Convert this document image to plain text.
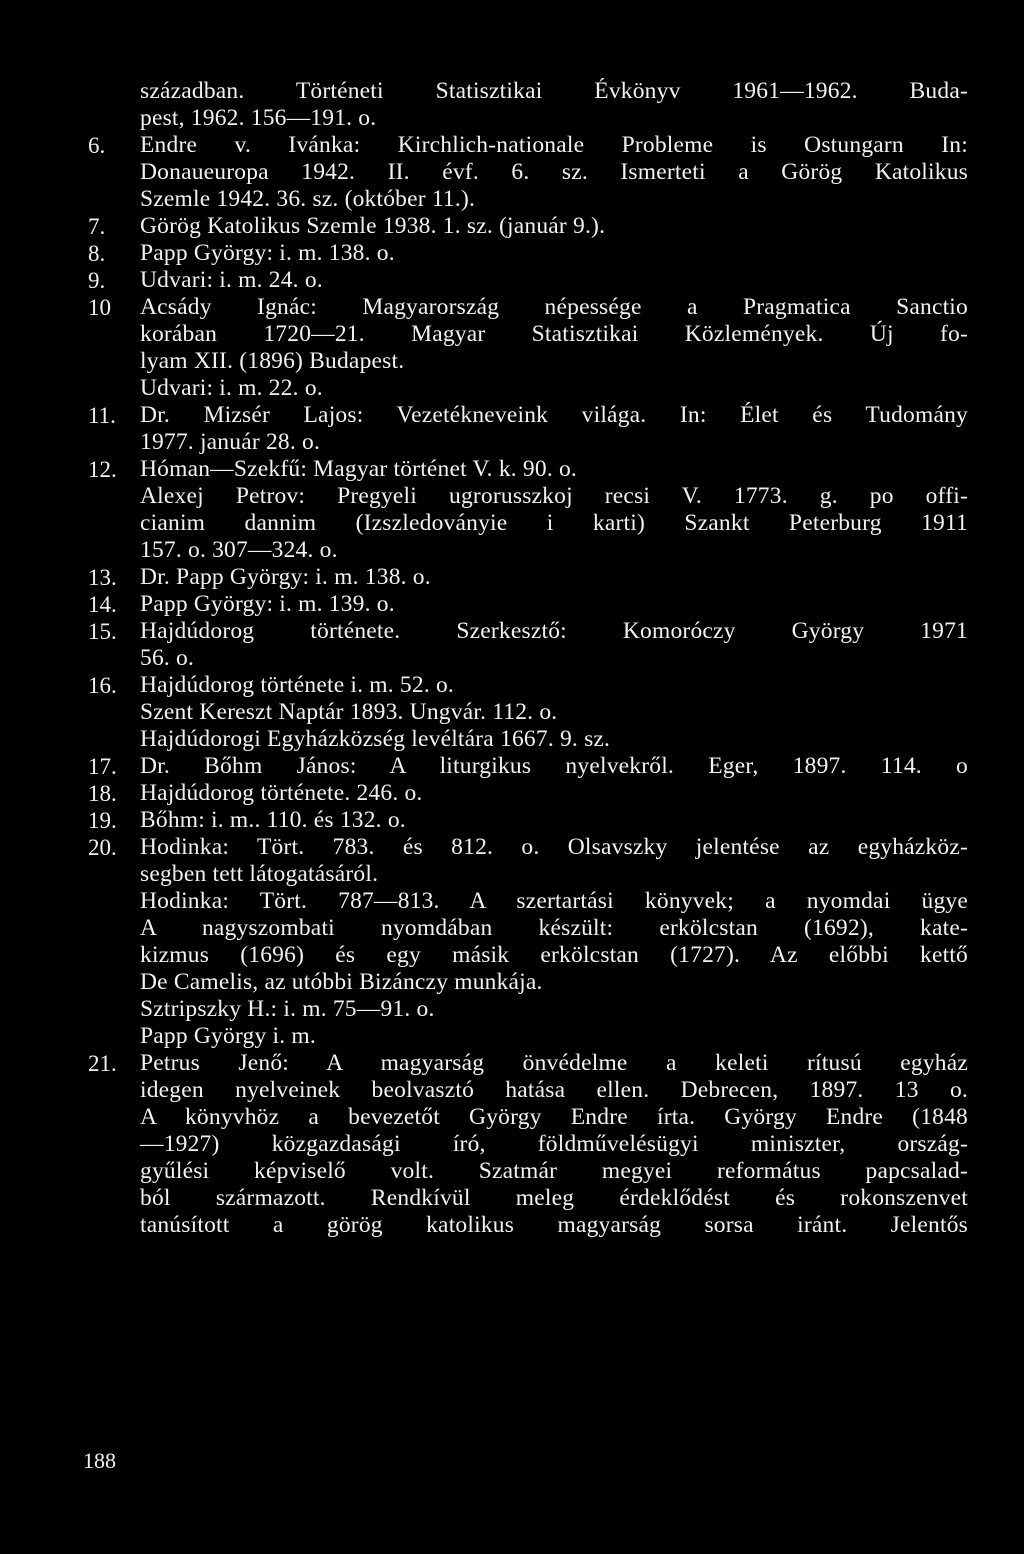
században. Történeti Statisztikai Évkönyv 1961—1962. Buda-
pest, 1962. 156—191. o.
6.	Endre v. Ivánka: Kirchlich-nationale Probleme is Ostungarn In:
Donaueuropa 1942. II. évf. 6. sz. Ismerteti a Görög Katolikus
Szemle 1942. 36. sz. (október 11.).
7.	Görög Katolikus Szemle 1938. 1. sz. (január 9.).
8.	Papp György: i. m. 138. o.
9.	Udvari: i. m. 24. o.
10	Acsády Ignác: Magyarország népessége a Pragmatica Sanctio
korában 1720—21. Magyar Statisztikai Közlemények. Új fo-
lyam XII. (1896) Budapest.
Udvari: i. m. 22. o.
11.	Dr. Mizsér Lajos: Vezetékneveink világa. In: Élet és Tudomány
1977. január 28. o.
12. Hóman—Szekfű: Magyar történet V. k. 90. o.
Alexej Petrov: Pregyeli ugrorusszkoj recsi V. 1773. g. po offi-
cianim dannim (Izszledoványie i karti) Szankt Peterburg 1911
157. o. 307—324. o.
13. Dr. Papp György: i. m. 138. o.
14. Papp György: i. m. 139. o.
15. Hajdúdorog története. Szerkesztő: Komoróczy György 1971
56. o.
16. Hajdúdorog története i. m. 52. o.
Szent Kereszt Naptár 1893. Ungvár. 112. o.
Hajdúdorogi Egyházközség levéltára 1667. 9. sz.
17. Dr. Bőhm János: A liturgikus nyelvekről. Eger, 1897. 114. o
18. Hajdúdorog története. 246. o.
19. Bőhm: i. m.. 110. és 132. o.
20. Hodinka: Tört. 783. és 812. o. Olsavszky jelentése az egyházköz-
segben tett látogatásáról.
Hodinka: Tört. 787—813. A szertartási könyvek; a nyomdai ügye
A nagyszombati nyomdában készült: erkölcstan (1692), kate-
kizmus (1696) és egy másik erkölcstan (1727). Az előbbi kettő
De Camelis, az utóbbi Bizánczy munkája.
Sztripszky H.: i. m. 75—91. o.
Papp György i. m.
21. Petrus Jenő: A magyarság önvédelme a keleti rítusú egyház
idegen nyelveinek beolvasztó hatása ellen. Debrecen, 1897. 13 o.
A könyvhöz a bevezetőt György Endre írta. György Endre (1848
—1927) közgazdasági író, földművelésügyi miniszter, ország-
gyűlési képviselő volt. Szatmár megyei református papcsalad-
ból származott. Rendkívül meleg érdeklődést és rokonszenvet
tanúsított a görög katolikus magyarság sorsa iránt. Jelentős
188
